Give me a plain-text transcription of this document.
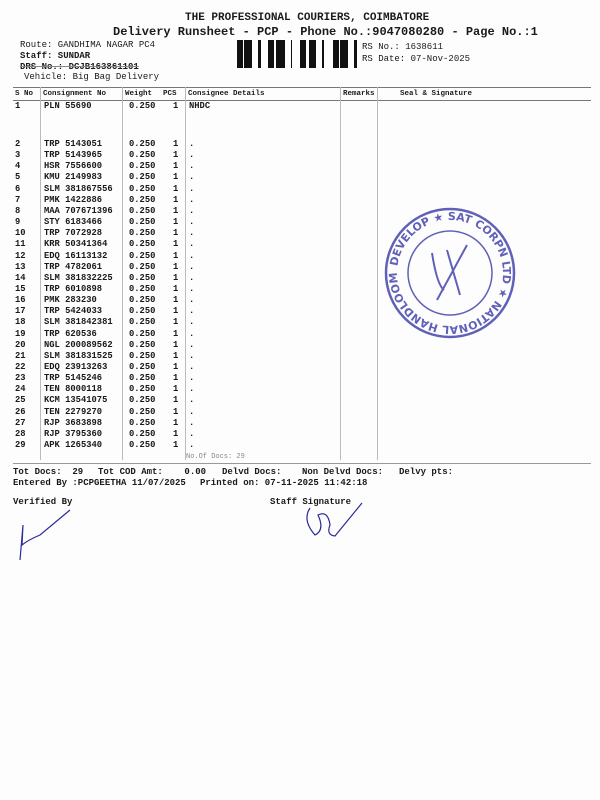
THE PROFESSIONAL COURIERS, COIMBATORE
Delivery Runsheet - PCP - Phone No.:9047080280 - Page No.:1
Route: GANDHIMA NAGAR PC4
Staff: SUNDAR
DRS No.: DCJB163861101
Vehicle: Big Bag Delivery
RS No.: 1638611
RS Date: 07-Nov-2025
S No Consignment No	Weight PCS Consignee Details	Remarks	Seal & Signature
1	PLN 55690	0.250 1 NHDC
2	TRP 5143051	0.250 1 .
3	TRP 5143965	0.250 1 .
4	HSR 7556600	0.250 1 .
5	KMU 2149983	0.250 1 .
6	SLM 381867556 0.250 1 .
7	PMK 1422886	0.250 1 .
8	MAA 707671396 0.250 1 .
9	STY 6183466	0.250 1 .
10 TRP 7072928	0.250 1 .
11 KRR 50341364 0.250 1 .
12 EDQ 16113132 0.250 1 .
13 TRP 4782061	0.250 1 .
14 SLM 381832225 0.250 1 .
15 TRP 6010898	0.250 1 .
16 PMK 283230	0.250 1 .
17 TRP 5424033	0.250 1 .
18 SLM 381842381 0.250 1 .
19 TRP 620536	0.250 1 .
20 NGL 200089562 0.250 1 .
21 SLM 381831525 0.250 1 .
22 EDQ 23913263 0.250 1 .
23 TRP 5145246	0.250 1 .
24 TEN 8000118	0.250 1 .
25 KCM 13541075 0.250 1 .
26 TEN 2279270	0.250 1 .
27 RJP 3683898	0.250 1 .
28 RJP 3795360	0.250 1 .
29 APK 1265340	0.250 1 .
DEVELOP ★ SAT CORPN LTD ★ NATIONAL HANDLOOM
No.Of Docs: 29
Tot Docs:  29 Tot COD Amt:    0.00 Delvd Docs: Non Delvd Docs: Delvy pts:
Entered By :PCPGEETHA 11/07/2025 Printed on: 07-11-2025 11:42:18
Verified By	Staff Signature
